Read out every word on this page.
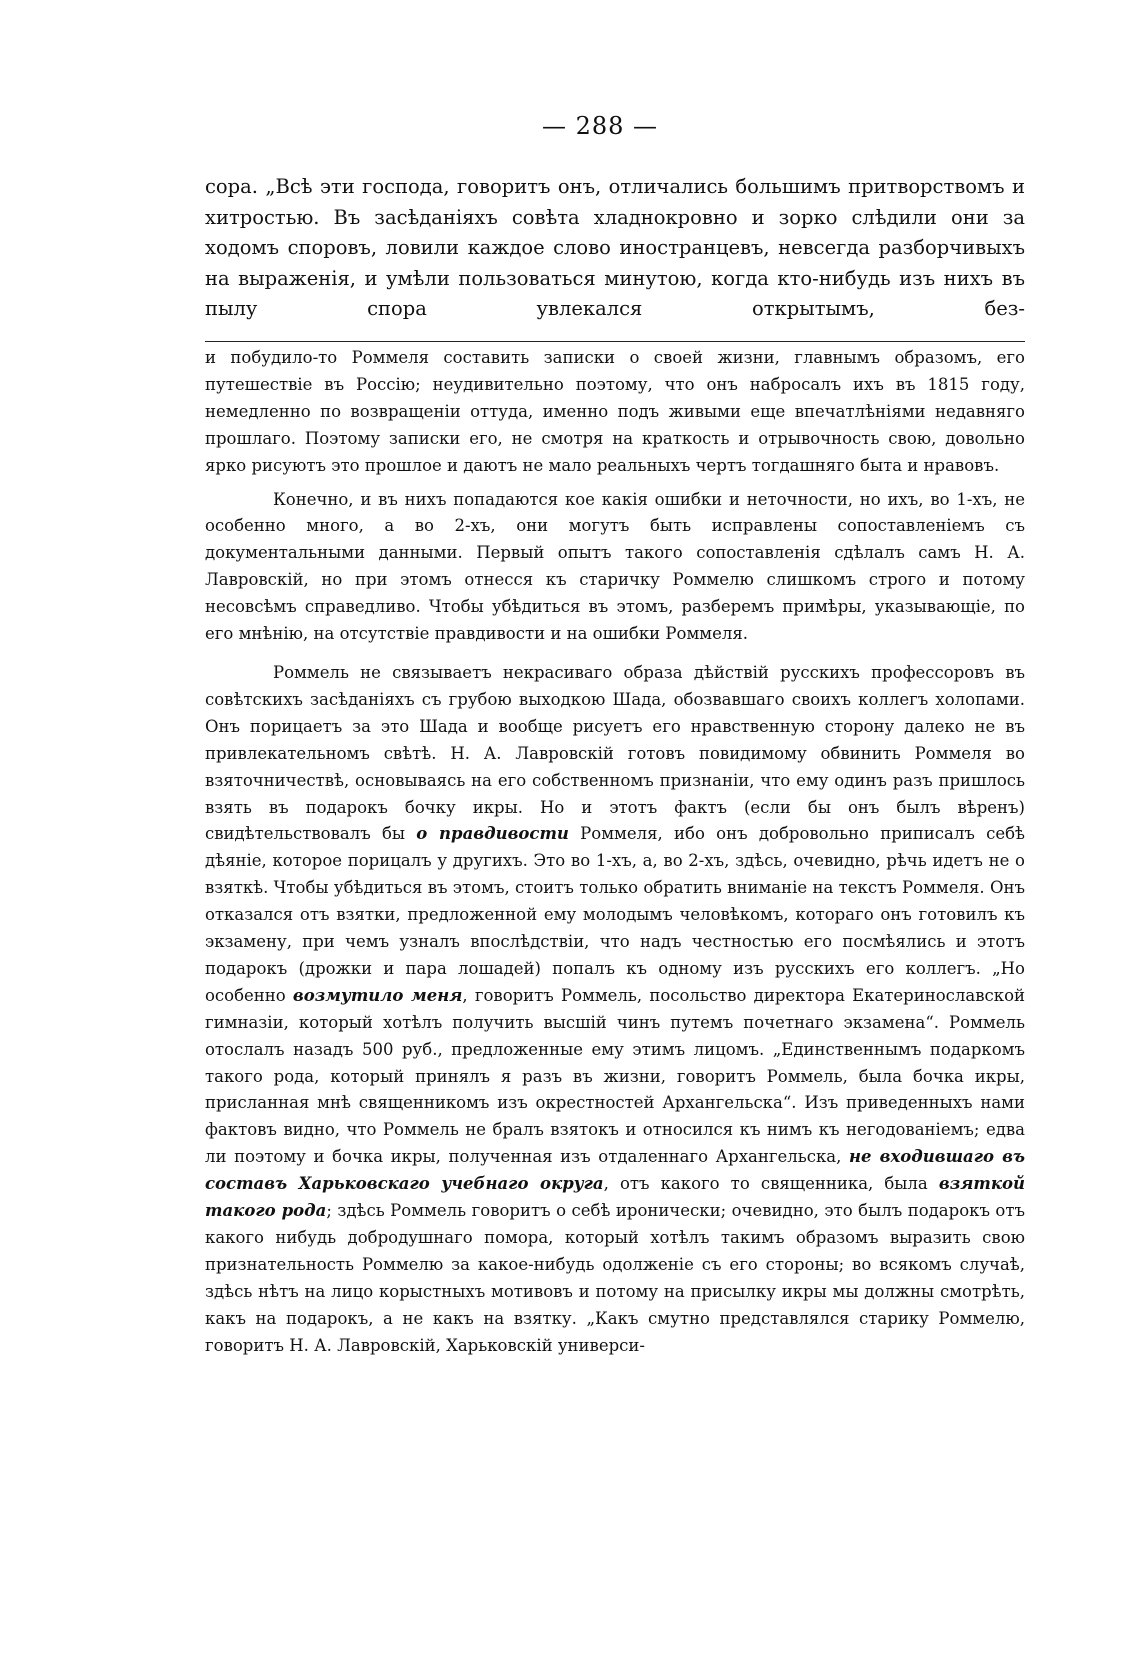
— 288 —

сора. „Всѣ эти господа, говоритъ онъ, отличались большимъ притворствомъ и хитростью. Въ засѣданіяхъ совѣта хладнокровно и зорко слѣдили они за ходомъ споровъ, ловили каждое слово иностранцевъ, невсегда разборчивыхъ на выраженія, и умѣли пользоваться минутою, когда кто-нибудь изъ нихъ въ пылу спора увлекался открытымъ, без-

и побудило-то Роммеля составить записки о своей жизни, главнымъ образомъ, его путешествіе въ Россію; неудивительно поэтому, что онъ набросалъ ихъ въ 1815 году, немедленно по возвращеніи оттуда, именно подъ живыми еще впечатлѣніями недавняго прошлаго. Поэтому записки его, не смотря на краткость и отрывочность свою, довольно ярко рисуютъ это прошлое и даютъ не мало реальныхъ чертъ тогдашняго быта и нравовъ.

Конечно, и въ нихъ попадаются кое какія ошибки и неточности, но ихъ, во 1-хъ, не особенно много, а во 2-хъ, они могутъ быть исправлены сопоставленіемъ съ документальными данными. Первый опытъ такого сопоставленія сдѣлалъ самъ Н. А. Лавровскій, но при этомъ отнесся къ старичку Роммелю слишкомъ строго и потому несовсѣмъ справедливо. Чтобы убѣдиться въ этомъ, разберемъ примѣры, указывающіе, по его мнѣнію, на отсутствіе правдивости и на ошибки Роммеля.

Роммель не связываетъ некрасиваго образа дѣйствій русскихъ профессоровъ въ совѣтскихъ засѣданіяхъ съ грубою выходкою Шада, обозвавшаго своихъ коллегъ холопами. Онъ порицаетъ за это Шада и вообще рисуетъ его нравственную сторону далеко не въ привлекательномъ свѣтѣ. Н. А. Лавровскій готовъ повидимому обвинить Роммеля во взяточничествѣ, основываясь на его собственномъ признаніи, что ему одинъ разъ пришлось взять въ подарокъ бочку икры. Но и этотъ фактъ (если бы онъ былъ вѣренъ) свидѣтельствовалъ бы о правдивости Роммеля, ибо онъ добровольно приписалъ себѣ дѣяніе, которое порицалъ у другихъ. Это во 1-хъ, а, во 2-хъ, здѣсь, очевидно, рѣчь идетъ не о взяткѣ. Чтобы убѣдиться въ этомъ, стоитъ только обратить вниманіе на текстъ Роммеля. Онъ отказался отъ взятки, предложенной ему молодымъ человѣкомъ, котораго онъ готовилъ къ экзамену, при чемъ узналъ впослѣдствіи, что надъ честностью его посмѣялись и этотъ подарокъ (дрожки и пара лошадей) попалъ къ одному изъ русскихъ его коллегъ. „Но особенно возмутило меня, говоритъ Роммель, посольство директора Екатеринославской гимназіи, который хотѣлъ получить высшій чинъ путемъ почетнаго экзамена“. Роммель отослалъ назадъ 500 руб., предложенные ему этимъ лицомъ. „Единственнымъ подаркомъ такого рода, который принялъ я разъ въ жизни, говоритъ Роммель, была бочка икры, присланная мнѣ священникомъ изъ окрестностей Архангельска“. Изъ приведенныхъ нами фактовъ видно, что Роммель не бралъ взятокъ и относился къ нимъ къ негодованіемъ; едва ли поэтому и бочка икры, полученная изъ отдаленнаго Архангельска, не входившаго въ составъ Харьковскаго учебнаго округа, отъ какого то священника, была взяткой такого рода; здѣсь Роммель говоритъ о себѣ иронически; очевидно, это былъ подарокъ отъ какого нибудь добродушнаго помора, который хотѣлъ такимъ образомъ выразить свою признательность Роммелю за какое-нибудь одолженіе съ его стороны; во всякомъ случаѣ, здѣсь нѣтъ на лицо корыстныхъ мотивовъ и потому на присылку икры мы должны смотрѣть, какъ на подарокъ, а не какъ на взятку. „Какъ смутно представлялся старику Роммелю, говоритъ Н. А. Лавровскій, Харьковскій универси-
